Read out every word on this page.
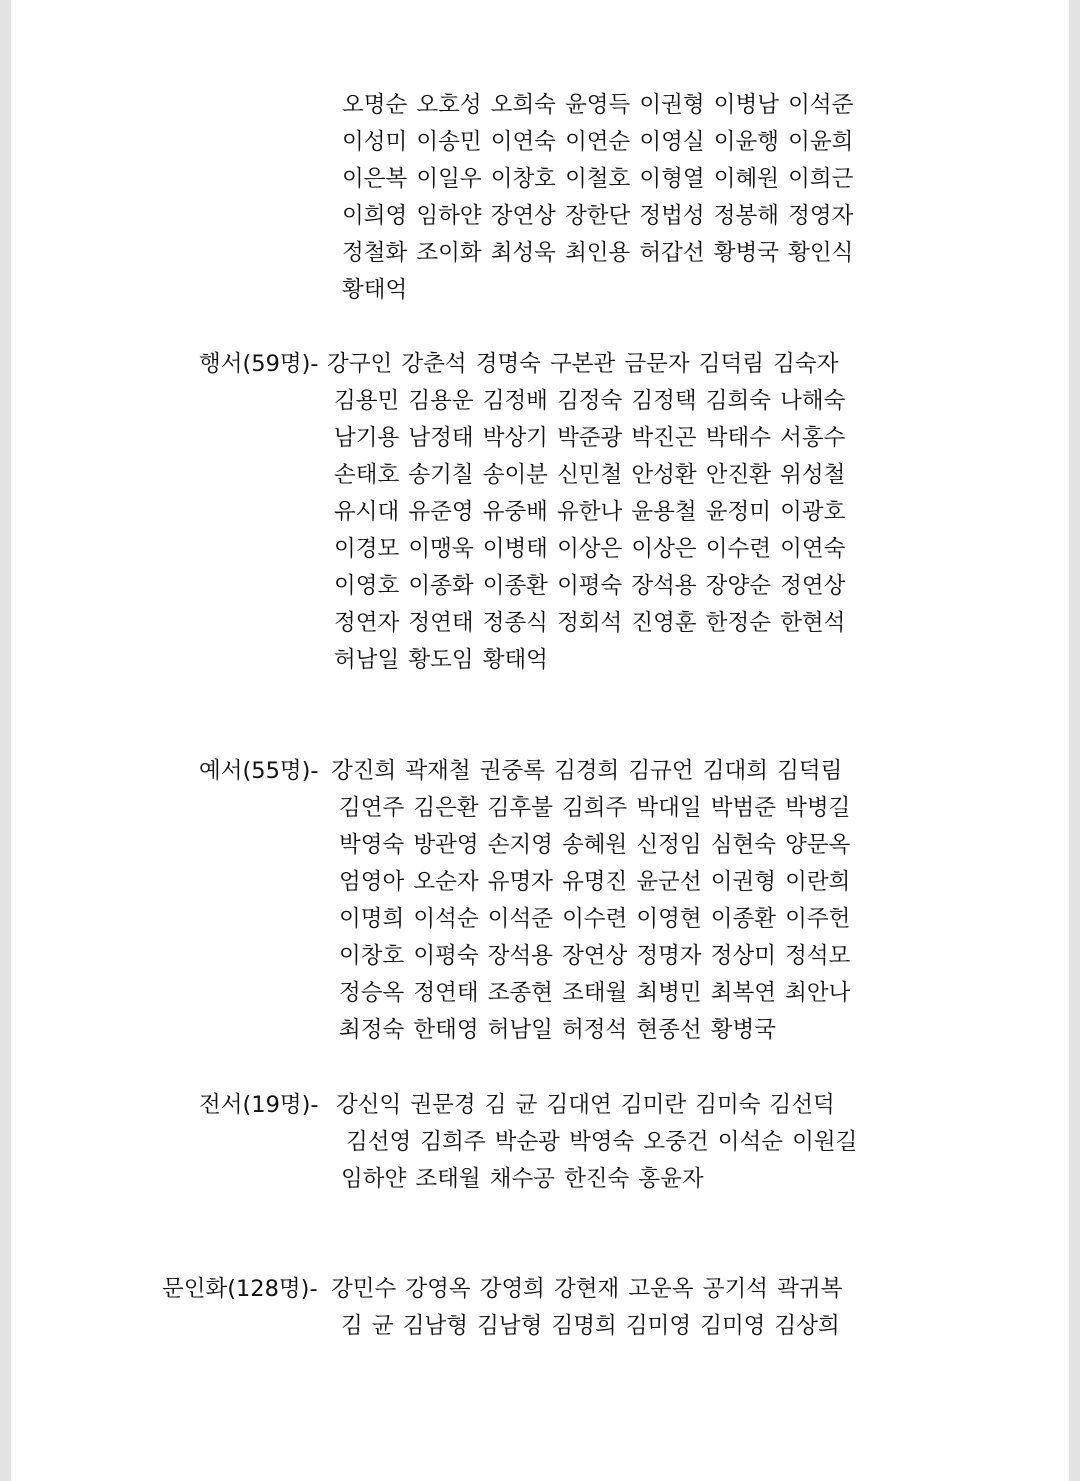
오명순 오호성 오희숙 윤영득 이권형 이병남 이석준
이성미 이송민 이연숙 이연순 이영실 이윤행 이윤희
이은복 이일우 이창호 이철호 이형열 이혜원 이희근
이희영 임하얀 장연상 장한단 정법성 정봉해 정영자
정철화 조이화 최성욱 최인용 허갑선 황병국 황인식
황태억
행서(59명)- 강구인 강춘석 경명숙 구본관 금문자 김덕림 김숙자
김용민 김용운 김정배 김정숙 김정택 김희숙 나해숙
남기용 남정태 박상기 박준광 박진곤 박태수 서홍수
손태호 송기칠 송이분 신민철 안성환 안진환 위성철
유시대 유준영 유중배 유한나 윤용철 윤정미 이광호
이경모 이맹욱 이병태 이상은 이상은 이수련 이연숙
이영호 이종화 이종환 이평숙 장석용 장양순 정연상
정연자 정연태 정종식 정회석 진영훈 한정순 한현석
허남일 황도임 황태억
예서(55명)- 강진희 곽재철 권중록 김경희 김규언 김대희 김덕림
김연주 김은환 김후불 김희주 박대일 박범준 박병길
박영숙 방관영 손지영 송혜원 신정임 심현숙 양문옥
엄영아 오순자 유명자 유명진 윤군선 이권형 이란희
이명희 이석순 이석준 이수련 이영현 이종환 이주헌
이창호 이평숙 장석용 장연상 정명자 정상미 정석모
정승옥 정연태 조종현 조태월 최병민 최복연 최안나
최정숙 한태영 허남일 허정석 현종선 황병국
전서(19명)- 강신익 권문경 김 균 김대연 김미란 김미숙 김선덕
김선영 김희주 박순광 박영숙 오중건 이석순 이원길
임하얀 조태월 채수공 한진숙 홍윤자
문인화(128명)- 강민수 강영옥 강영희 강현재 고운옥 공기석 곽귀복
김 균 김남형 김남형 김명희 김미영 김미영 김상희
